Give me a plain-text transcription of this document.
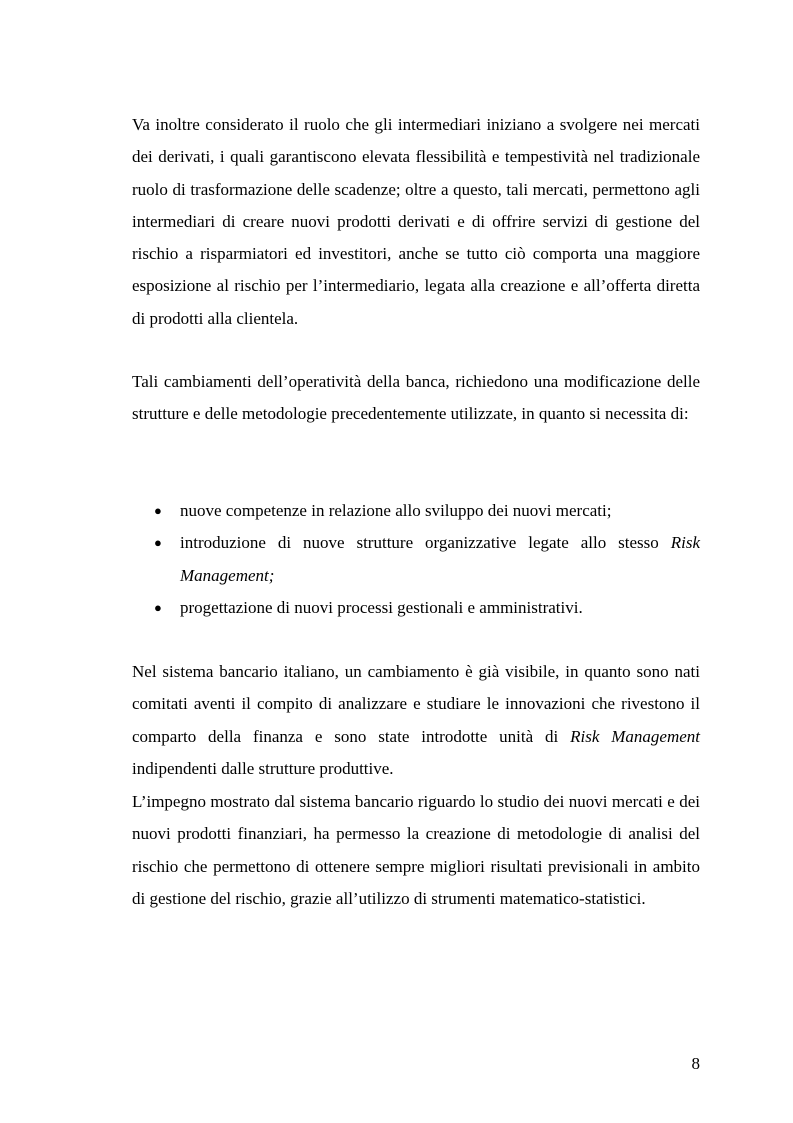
Va inoltre considerato il ruolo che gli intermediari iniziano a svolgere nei mercati dei derivati, i quali garantiscono elevata flessibilità e tempestività nel tradizionale ruolo di trasformazione delle scadenze; oltre a questo, tali mercati, permettono agli intermediari di creare nuovi prodotti derivati e di offrire servizi di gestione del rischio a risparmiatori ed investitori, anche se tutto ciò comporta una maggiore esposizione al rischio per l’intermediario, legata alla creazione e all’offerta diretta di prodotti alla clientela.

Tali cambiamenti dell’operatività della banca, richiedono una modificazione delle strutture e delle metodologie precedentemente utilizzate, in quanto si necessita di:

● nuove competenze in relazione allo sviluppo dei nuovi mercati;
● introduzione di nuove strutture organizzative legate allo stesso Risk Management;
● progettazione di nuovi processi gestionali e amministrativi.

Nel sistema bancario italiano, un cambiamento è già visibile, in quanto sono nati comitati aventi il compito di analizzare e studiare le innovazioni che rivestono il comparto della finanza e sono state introdotte unità di Risk Management indipendenti dalle strutture produttive.

L’impegno mostrato dal sistema bancario riguardo lo studio dei nuovi mercati e dei nuovi prodotti finanziari, ha permesso la creazione di metodologie di analisi del rischio che permettono di ottenere sempre migliori risultati previsionali in ambito di gestione del rischio, grazie all’utilizzo di strumenti matematico-statistici.

8
